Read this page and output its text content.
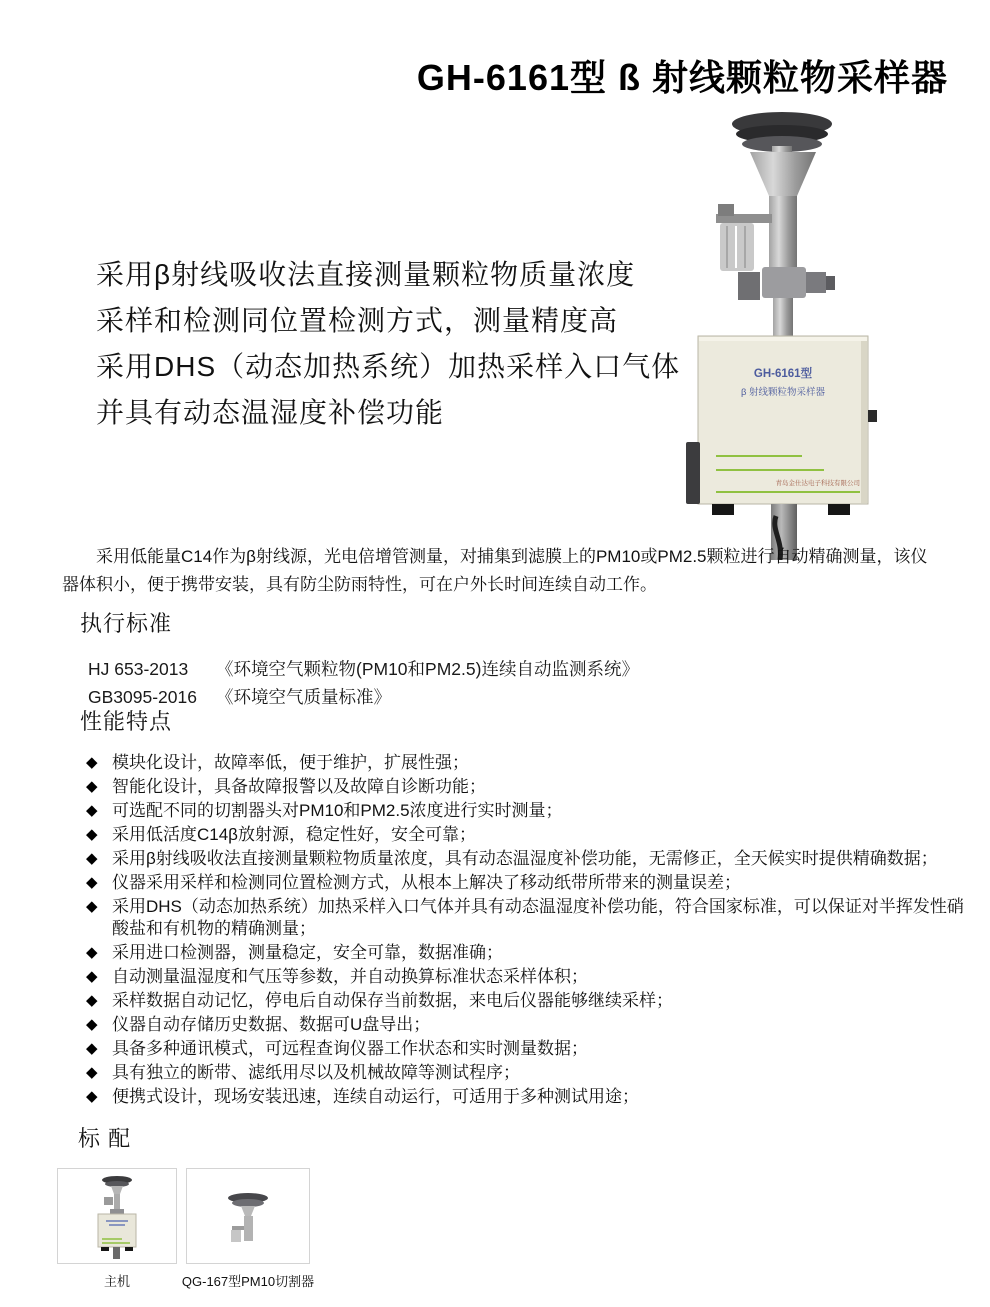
GH-6161型 ß 射线颗粒物采样器
GH-6161型
β 射线颗粒物采样器
青岛金仕达电子科技有限公司
采用β射线吸收法直接测量颗粒物质量浓度
采样和检测同位置检测方式，测量精度高
采用DHS（动态加热系统）加热采样入口气体
并具有动态温湿度补偿功能
采用低能量C14作为β射线源，光电倍增管测量，对捕集到滤膜上的PM10或PM2.5颗粒进行自动精确测量，该仪器体积小，便于携带安装，具有防尘防雨特性，可在户外长时间连续自动工作。
执行标准
HJ 653-2013	《环境空气颗粒物(PM10和PM2.5)连续自动监测系统》
GB3095-2016	《环境空气质量标准》
性能特点
◆ 模块化设计，故障率低，便于维护，扩展性强；
◆ 智能化设计，具备故障报警以及故障自诊断功能；
◆ 可选配不同的切割器头对PM10和PM2.5浓度进行实时测量；
◆ 采用低活度C14β放射源，稳定性好，安全可靠；
◆ 采用β射线吸收法直接测量颗粒物质量浓度，具有动态温湿度补偿功能，无需修正，全天候实时提供精确数据；
◆ 仪器采用采样和检测同位置检测方式，从根本上解决了移动纸带所带来的测量误差；
◆ 采用DHS（动态加热系统）加热采样入口气体并具有动态温湿度补偿功能，符合国家标准，可以保证对半挥发性硝酸盐和有机物的精确测量；
◆ 采用进口检测器，测量稳定，安全可靠，数据准确；
◆ 自动测量温湿度和气压等参数，并自动换算标准状态采样体积；
◆ 采样数据自动记忆，停电后自动保存当前数据，来电后仪器能够继续采样；
◆ 仪器自动存储历史数据、数据可U盘导出；
◆ 具备多种通讯模式，可远程查询仪器工作状态和实时测量数据；
◆ 具有独立的断带、滤纸用尽以及机械故障等测试程序；
◆ 便携式设计，现场安装迅速，连续自动运行，可适用于多种测试用途；
标 配
主机	QG-167型PM10切割器
